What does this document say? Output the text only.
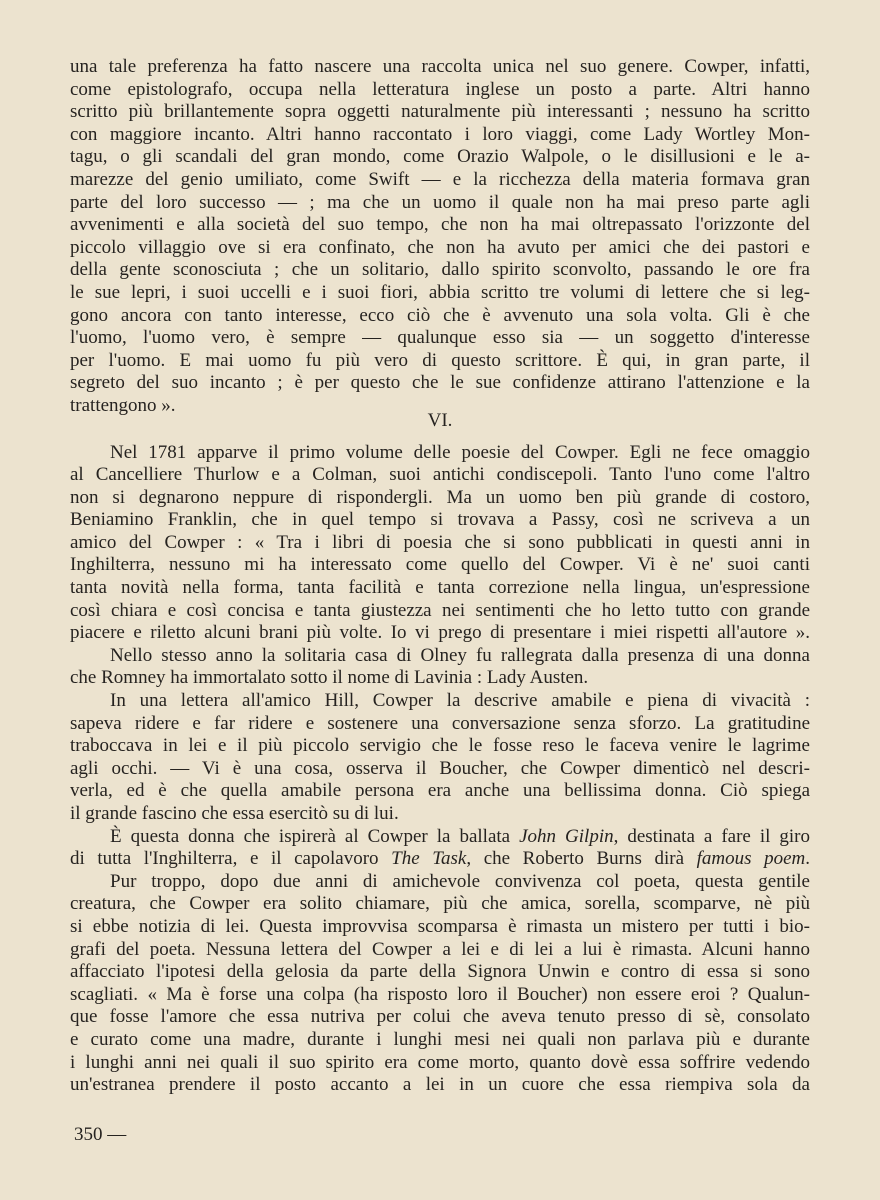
una tale preferenza ha fatto nascere una raccolta unica nel suo genere. Cowper, infatti,
come epistolografo, occupa nella letteratura inglese un posto a parte. Altri hanno
scritto più brillantemente sopra oggetti naturalmente più interessanti ; nessuno ha scritto
con maggiore incanto. Altri hanno raccontato i loro viaggi, come Lady Wortley Mon-
tagu, o gli scandali del gran mondo, come Orazio Walpole, o le disillusioni e le a-
marezze del genio umiliato, come Swift — e la ricchezza della materia formava gran
parte del loro successo — ; ma che un uomo il quale non ha mai preso parte agli
avvenimenti e alla società del suo tempo, che non ha mai oltrepassato l'orizzonte del
piccolo villaggio ove si era confinato, che non ha avuto per amici che dei pastori e
della gente sconosciuta ; che un solitario, dallo spirito sconvolto, passando le ore fra
le sue lepri, i suoi uccelli e i suoi fiori, abbia scritto tre volumi di lettere che si leg-
gono ancora con tanto interesse, ecco ciò che è avvenuto una sola volta. Gli è che
l'uomo, l'uomo vero, è sempre — qualunque esso sia — un soggetto d'interesse
per l'uomo. E mai uomo fu più vero di questo scrittore. È qui, in gran parte, il
segreto del suo incanto ; è per questo che le sue confidenze attirano l'attenzione e la
trattengono ».
VI.
Nel 1781 apparve il primo volume delle poesie del Cowper. Egli ne fece omaggio
al Cancelliere Thurlow e a Colman, suoi antichi condiscepoli. Tanto l'uno come l'altro
non si degnarono neppure di rispondergli. Ma un uomo ben più grande di costoro,
Beniamino Franklin, che in quel tempo si trovava a Passy, così ne scriveva a un
amico del Cowper : « Tra i libri di poesia che si sono pubblicati in questi anni in
Inghilterra, nessuno mi ha interessato come quello del Cowper. Vi è ne' suoi canti
tanta novità nella forma, tanta facilità e tanta correzione nella lingua, un'espressione
così chiara e così concisa e tanta giustezza nei sentimenti che ho letto tutto con grande
piacere e riletto alcuni brani più volte. Io vi prego di presentare i miei rispetti all'autore ».
Nello stesso anno la solitaria casa di Olney fu rallegrata dalla presenza di una donna
che Romney ha immortalato sotto il nome di Lavinia : Lady Austen.
In una lettera all'amico Hill, Cowper la descrive amabile e piena di vivacità :
sapeva ridere e far ridere e sostenere una conversazione senza sforzo. La gratitudine
traboccava in lei e il più piccolo servigio che le fosse reso le faceva venire le lagrime
agli occhi. — Vi è una cosa, osserva il Boucher, che Cowper dimenticò nel descri-
verla, ed è che quella amabile persona era anche una bellissima donna. Ciò spiega
il grande fascino che essa esercitò su di lui.
È questa donna che ispirerà al Cowper la ballata John Gilpin, destinata a fare il giro
di tutta l'Inghilterra, e il capolavoro The Task, che Roberto Burns dirà famous poem.
Pur troppo, dopo due anni di amichevole convivenza col poeta, questa gentile
creatura, che Cowper era solito chiamare, più che amica, sorella, scomparve, nè più
si ebbe notizia di lei. Questa improvvisa scomparsa è rimasta un mistero per tutti i bio-
grafi del poeta. Nessuna lettera del Cowper a lei e di lei a lui è rimasta. Alcuni hanno
affacciato l'ipotesi della gelosia da parte della Signora Unwin e contro di essa si sono
scagliati. « Ma è forse una colpa (ha risposto loro il Boucher) non essere eroi ? Qualun-
que fosse l'amore che essa nutriva per colui che aveva tenuto presso di sè, consolato
e curato come una madre, durante i lunghi mesi nei quali non parlava più e durante
i lunghi anni nei quali il suo spirito era come morto, quanto dovè essa soffrire vedendo
un'estranea prendere il posto accanto a lei in un cuore che essa riempiva sola da
350 —
